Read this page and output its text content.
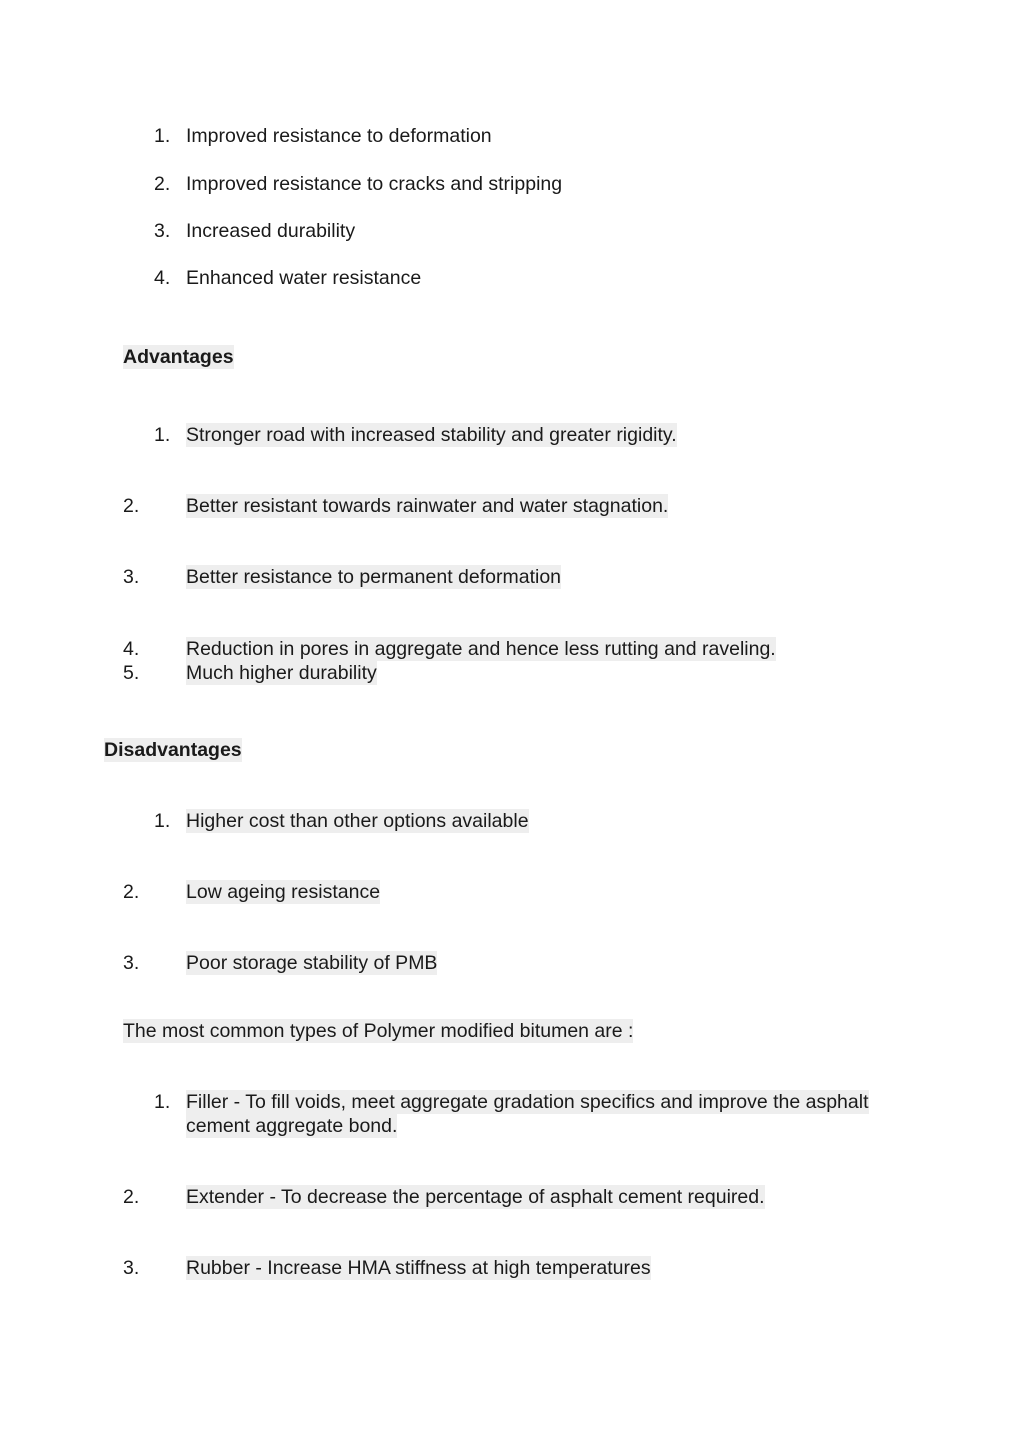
1. Improved resistance to deformation
2. Improved resistance to cracks and stripping
3. Increased durability
4. Enhanced water resistance
Advantages
1. Stronger road with increased stability and greater rigidity.
2. Better resistant towards rainwater and water stagnation.
3. Better resistance to permanent deformation
4. Reduction in pores in aggregate and hence less rutting and raveling.
5. Much higher durability
Disadvantages
1. Higher cost than other options available
2. Low ageing resistance
3. Poor storage stability of PMB
The most common types of Polymer modified bitumen are :
1. Filler - To fill voids, meet aggregate gradation specifics and improve the asphalt
cement aggregate bond.
2. Extender - To decrease the percentage of asphalt cement required.
3. Rubber - Increase HMA stiffness at high temperatures
